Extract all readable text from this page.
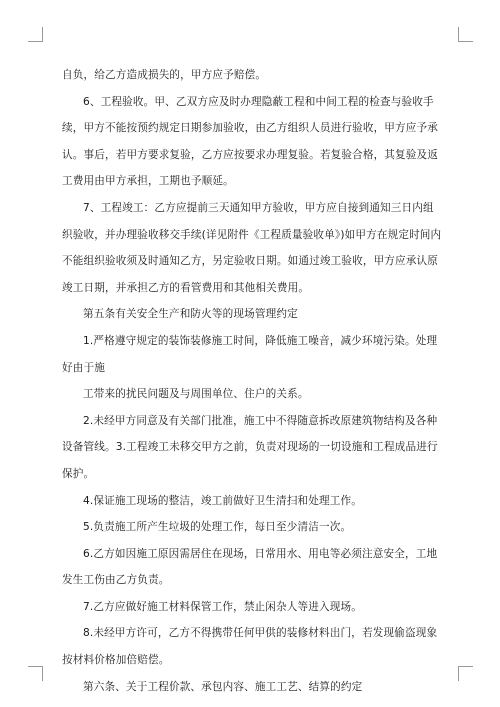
自负，给乙方造成损失的，甲方应予赔偿。

6、工程验收。甲、乙双方应及时办理隐蔽工程和中间工程的检查与验收手续，甲方不能按预约规定日期参加验收，由乙方组织人员进行验收，甲方应予承认。事后，若甲方要求复验，乙方应按要求办理复验。若复验合格，其复验及返工费用由甲方承担，工期也予顺延。

7、工程竣工：乙方应提前三天通知甲方验收，甲方应自接到通知三日内组织验收，并办理验收移交手续(详见附件《工程质量验收单》)如甲方在规定时间内不能组织验收须及时通知乙方，另定验收日期。如通过竣工验收，甲方应承认原竣工日期，并承担乙方的看管费用和其他相关费用。

第五条有关安全生产和防火等的现场管理约定

1.严格遵守规定的装饰装修施工时间，降低施工噪音，减少环境污染。处理好由于施

工带来的扰民问题及与周围单位、住户的关系。

2.未经甲方同意及有关部门批准，施工中不得随意拆改原建筑物结构及各种设备管线。3.工程竣工未移交甲方之前，负责对现场的一切设施和工程成品进行保护。

4.保证施工现场的整洁，竣工前做好卫生清扫和处理工作。

5.负责施工所产生垃圾的处理工作，每日至少清洁一次。

6.乙方如因施工原因需居住在现场，日常用水、用电等必须注意安全，工地发生工伤由乙方负责。

7.乙方应做好施工材料保管工作，禁止闲杂人等进入现场。

8.未经甲方许可，乙方不得携带任何甲供的装修材料出门，若发现偷盗现象按材料价格加倍赔偿。

第六条、关于工程价款、承包内容、施工工艺、结算的约定
